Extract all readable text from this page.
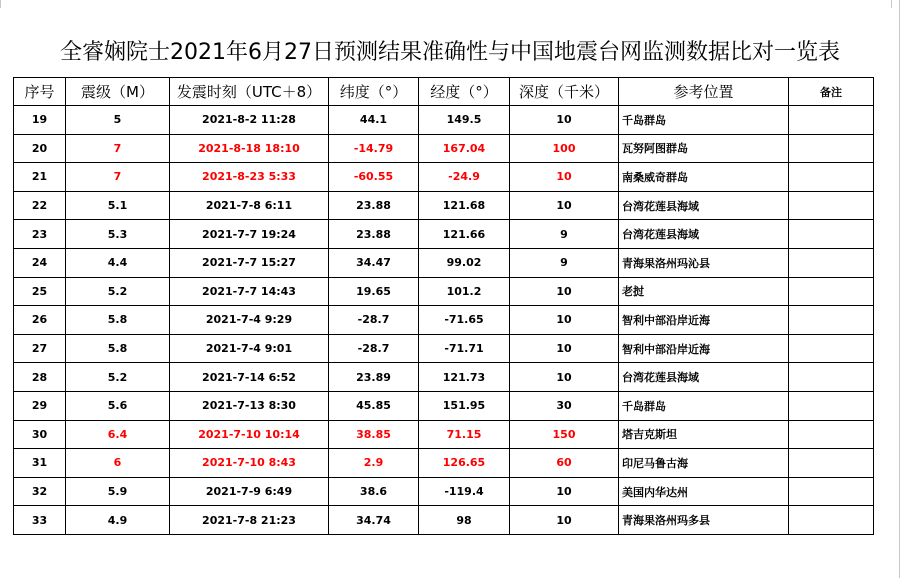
全睿娴院士2021年6月27日预测结果准确性与中国地震台网监测数据比对一览表
序号	震级（M）	发震时刻（UTC＋8）	纬度（°）	经度（°）	深度（千米）	参考位置	备注
19	5	2021-8-2 11:28	44.1	149.5	10	千岛群岛	
20	7	2021-8-18 18:10	-14.79	167.04	100	瓦努阿图群岛	
21	7	2021-8-23 5:33	-60.55	-24.9	10	南桑威奇群岛	
22	5.1	2021-7-8 6:11	23.88	121.68	10	台湾花莲县海域	
23	5.3	2021-7-7 19:24	23.88	121.66	9	台湾花莲县海域	
24	4.4	2021-7-7 15:27	34.47	99.02	9	青海果洛州玛沁县	
25	5.2	2021-7-7 14:43	19.65	101.2	10	老挝	
26	5.8	2021-7-4 9:29	-28.7	-71.65	10	智利中部沿岸近海	
27	5.8	2021-7-4 9:01	-28.7	-71.71	10	智利中部沿岸近海	
28	5.2	2021-7-14 6:52	23.89	121.73	10	台湾花莲县海域	
29	5.6	2021-7-13 8:30	45.85	151.95	30	千岛群岛	
30	6.4	2021-7-10 10:14	38.85	71.15	150	塔吉克斯坦	
31	6	2021-7-10 8:43	2.9	126.65	60	印尼马鲁古海	
32	5.9	2021-7-9 6:49	38.6	-119.4	10	美国内华达州	
33	4.9	2021-7-8 21:23	34.74	98	10	青海果洛州玛多县	
